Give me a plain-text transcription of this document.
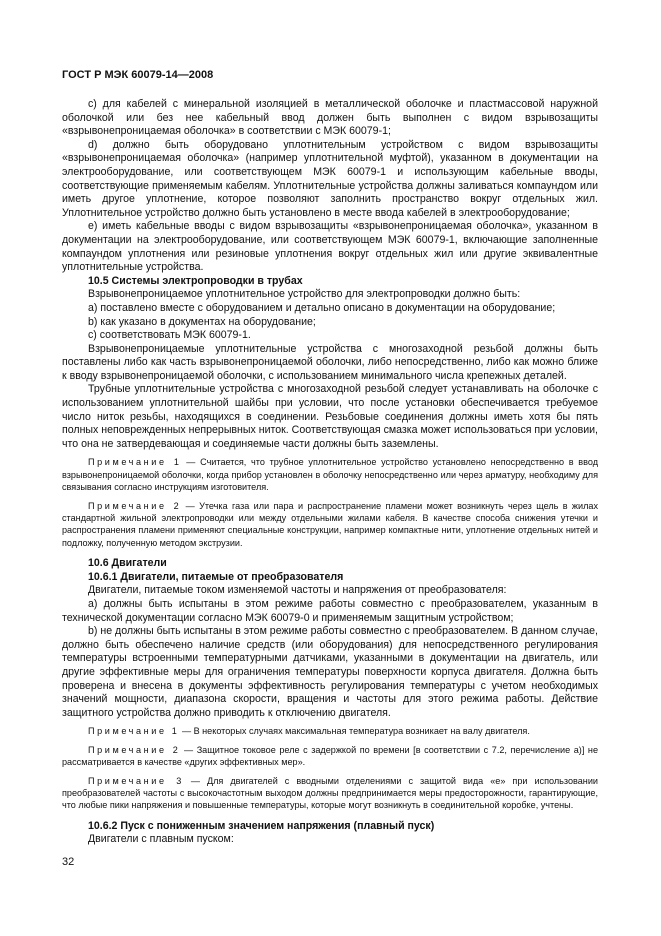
ГОСТ Р МЭК 60079-14—2008

c) для кабелей с минеральной изоляцией в металлической оболочке и пластмассовой наружной оболочкой или без нее кабельный ввод должен быть выполнен с видом взрывозащиты «взрывонепроницаемая оболочка» в соответствии с МЭК 60079-1;

d) должно быть оборудовано уплотнительным устройством с видом взрывозащиты «взрывонепроницаемая оболочка» (например уплотнительной муфтой), указанном в документации на электрооборудование, или соответствующем МЭК 60079-1 и использующим кабельные вводы, соответствующие применяемым кабелям. Уплотнительные устройства должны заливаться компаундом или иметь другое уплотнение, которое позволяют заполнить пространство вокруг отдельных жил. Уплотнительное устройство должно быть установлено в месте ввода кабелей в электрооборудование;

e) иметь кабельные вводы с видом взрывозащиты «взрывонепроницаемая оболочка», указанном в документации на электрооборудование, или соответствующем МЭК 60079-1, включающие заполненные компаундом уплотнения или резиновые уплотнения вокруг отдельных жил или другие эквивалентные уплотнительные устройства.

10.5 Системы электропроводки в трубах

Взрывонепроницаемое уплотнительное устройство для электропроводки должно быть:

a) поставлено вместе с оборудованием и детально описано в документации на оборудование;

b) как указано в документах на оборудование;

c) соответствовать МЭК 60079-1.

Взрывонепроницаемые уплотнительные устройства с многозаходной резьбой должны быть поставлены либо как часть взрывонепроницаемой оболочки, либо непосредственно, либо как можно ближе к вводу взрывонепроницаемой оболочки, с использованием минимального числа крепежных деталей.

Трубные уплотнительные устройства с многозаходной резьбой следует устанавливать на оболочке с использованием уплотнительной шайбы при условии, что после установки обеспечивается требуемое число ниток резьбы, находящихся в соединении. Резьбовые соединения должны иметь хотя бы пять полных неповрежденных непрерывных ниток. Соответствующая смазка может использоваться при условии, что она не затвердевающая и соединяемые части должны быть заземлены.

Примечание 1 — Считается, что трубное уплотнительное устройство установлено непосредственно в ввод взрывонепроницаемой оболочки, когда прибор установлен в оболочку непосредственно или через арматуру, необходиму для связывания согласно инструкциям изготовителя.

Примечание 2 — Утечка газа или пара и распространение пламени может возникнуть через щель в жилах стандартной жильной электропроводки или между отдельными жилами кабеля. В качестве способа снижения утечки и распространения пламени применяют специальные конструкции, например компактные нити, уплотнение отдельных нитей и подложку, полученную методом экструзии.

10.6 Двигатели
10.6.1 Двигатели, питаемые от преобразователя

Двигатели, питаемые током изменяемой частоты и напряжения от преобразователя:

a) должны быть испытаны в этом режиме работы совместно с преобразователем, указанным в технической документации согласно МЭК 60079-0 и применяемым защитным устройством;

b) не должны быть испытаны в этом режиме работы совместно с преобразователем. В данном случае, должно быть обеспечено наличие средств (или оборудования) для непосредственного регулирования температуры встроенными температурными датчиками, указанными в документации на двигатель, или другие эффективные меры для ограничения температуры поверхности корпуса двигателя. Должна быть проверена и внесена в документы эффективность регулирования температуры с учетом необходимых значений мощности, диапазона скорости, вращения и частоты для этого режима работы. Действие защитного устройства должно приводить к отключению двигателя.

Примечание 1 — В некоторых случаях максимальная температура возникает на валу двигателя.

Примечание 2 — Защитное токовое реле с задержкой по времени [в соответствии с 7.2, перечисление a)] не рассматривается в качестве «других эффективных мер».

Примечание 3 — Для двигателей с вводными отделениями с защитой вида «e» при использовании преобразователей частоты с высокочастотным выходом должны предпринимается меры предосторожности, гарантирующие, что любые пики напряжения и повышенные температуры, которые могут возникнуть в соединительной коробке, учтены.

10.6.2 Пуск с пониженным значением напряжения (плавный пуск)

Двигатели с плавным пуском:

32
